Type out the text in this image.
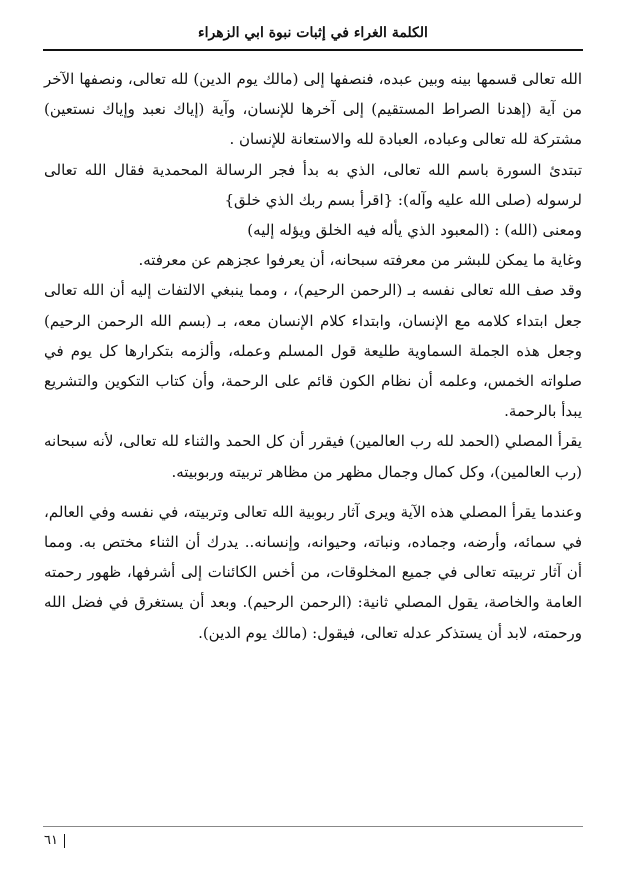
الكلمة الغراء في إثبات نبوة ابي الزهراء

الله تعالى قسمها بينه وبين عبده، فنصفها إلى (مالك يوم الدين) لله تعالى، ونصفها الآخر من آية (إهدنا الصراط المستقيم) إلى آخرها للإنسان، وآية (إياك نعبد وإياك نستعين) مشتركة لله تعالى وعباده، العبادة لله والاستعانة للإنسان .

تبتدئ السورة باسم الله تعالى، الذي به بدأ فجر الرسالة المحمدية فقال الله تعالى لرسوله (صلى الله عليه وآله): {اقرأ بسم ربك الذي خلق}

ومعنى (الله) : (المعبود الذي يأله فيه الخلق ويؤله إليه)

وغاية ما يمكن للبشر من معرفته سبحانه، أن يعرفوا عجزهم عن معرفته.

وقد صف الله تعالى نفسه بـ (الرحمن الرحيم)، ، ومما ينبغي الالتفات إليه أن الله تعالى جعل ابتداء كلامه مع الإنسان، وابتداء كلام الإنسان معه، بـ (بسم الله الرحمن الرحيم) وجعل هذه الجملة السماوية طليعة قول المسلم وعمله، وألزمه بتكرارها كل يوم في صلواته الخمس، وعلمه أن نظام الكون قائم على الرحمة، وأن كتاب التكوين والتشريع يبدأ بالرحمة.

يقرأ المصلي (الحمد لله رب العالمين) فيقرر أن كل الحمد والثناء لله تعالى، لأنه سبحانه (رب العالمين)، وكل كمال وجمال مظهر من مظاهر تربيته وربوبيته.

وعندما يقرأ المصلي هذه الآية ويرى آثار ربوبية الله تعالى وتربيته، في نفسه وفي العالم، في سمائه، وأرضه، وجماده، ونباته، وحيوانه، وإنسانه.. يدرك أن الثناء مختص به. ومما أن آثار تربيته تعالى في جميع المخلوقات، من أخس الكائنات إلى أشرفها، ظهور رحمته العامة والخاصة، يقول المصلي ثانية: (الرحمن الرحيم). وبعد أن يستغرق في فضل الله ورحمته، لابد أن يستذكر عدله تعالى، فيقول: (مالك يوم الدين).

٦١
